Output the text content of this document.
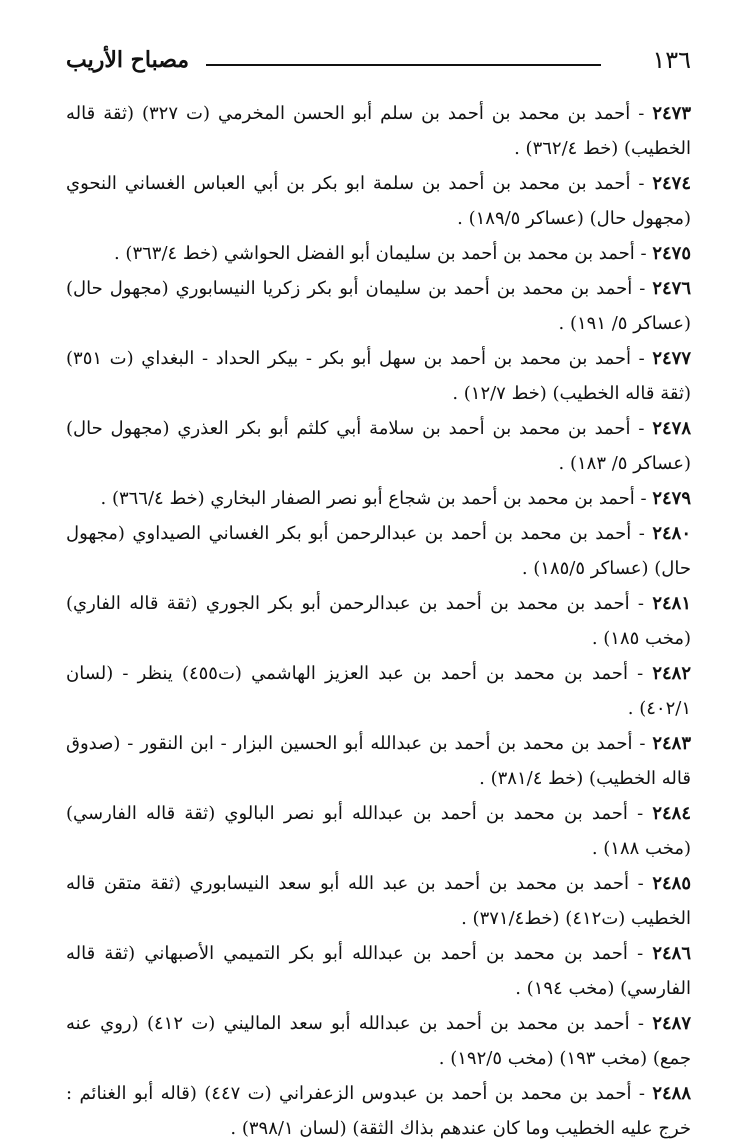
١٣٦
مصباح الأريب

٢٤٧٣ - أحمد بن محمد بن أحمد بن سلم أبو الحسن المخرمي (ت ٣٢٧) (ثقة قاله الخطيب) (خط ٣٦٢/٤) .

٢٤٧٤ - أحمد بن محمد بن أحمد بن سلمة ابو بكر بن أبي العباس الغساني النحوي (مجهول حال) (عساكر ١٨٩/٥) .

٢٤٧٥ - أحمد بن محمد بن أحمد بن سليمان أبو الفضل الحواشي (خط ٣٦٣/٤) .

٢٤٧٦ - أحمد بن محمد بن أحمد بن سليمان أبو بكر زكريا النيسابوري (مجهول حال) (عساكر ٥/ ١٩١) .

٢٤٧٧ - أحمد بن محمد بن أحمد بن سهل أبو بكر - بيكر الحداد - البغداي (ت ٣٥١) (ثقة قاله الخطيب) (خط ١٢/٧) .

٢٤٧٨ - أحمد بن محمد بن أحمد بن سلامة أبي كلثم أبو بكر العذري (مجهول حال) (عساكر ٥/ ١٨٣) .

٢٤٧٩ - أحمد بن محمد بن أحمد بن شجاع أبو نصر الصفار البخاري (خط ٣٦٦/٤) .

٢٤٨٠ - أحمد بن محمد بن أحمد بن عبدالرحمن أبو بكر الغساني الصيداوي (مجهول حال) (عساكر ١٨٥/٥) .

٢٤٨١ - أحمد بن محمد بن أحمد بن عبدالرحمن أبو بكر الجوري (ثقة قاله الفاري) (مخب ١٨٥) .

٢٤٨٢ - أحمد بن محمد بن أحمد بن عبد العزيز الهاشمي (ت٤٥٥) ينظر - (لسان ٤٠٢/١) .

٢٤٨٣ - أحمد بن محمد بن أحمد بن عبدالله أبو الحسين البزار - ابن النقور - (صدوق قاله الخطيب) (خط ٣٨١/٤) .

٢٤٨٤ - أحمد بن محمد بن أحمد بن عبدالله أبو نصر البالوي (ثقة قاله الفارسي) (مخب ١٨٨) .

٢٤٨٥ - أحمد بن محمد بن أحمد بن عبد الله أبو سعد النيسابوري (ثقة متقن قاله الخطيب (ت٤١٢) (خط٣٧١/٤) .

٢٤٨٦ - أحمد بن محمد بن أحمد بن عبدالله أبو بكر التميمي الأصبهاني (ثقة قاله الفارسي) (مخب ١٩٤) .

٢٤٨٧ - أحمد بن محمد بن أحمد بن عبدالله أبو سعد الماليني (ت ٤١٢) (روي عنه جمع) (مخب ١٩٣) (مخب ١٩٢/٥) .

٢٤٨٨ - أحمد بن محمد بن أحمد بن عبدوس الزعفراني (ت ٤٤٧) (قاله أبو الغنائم : خرج عليه الخطيب وما كان عندهم بذاك الثقة) (لسان ٣٩٨/١) .
